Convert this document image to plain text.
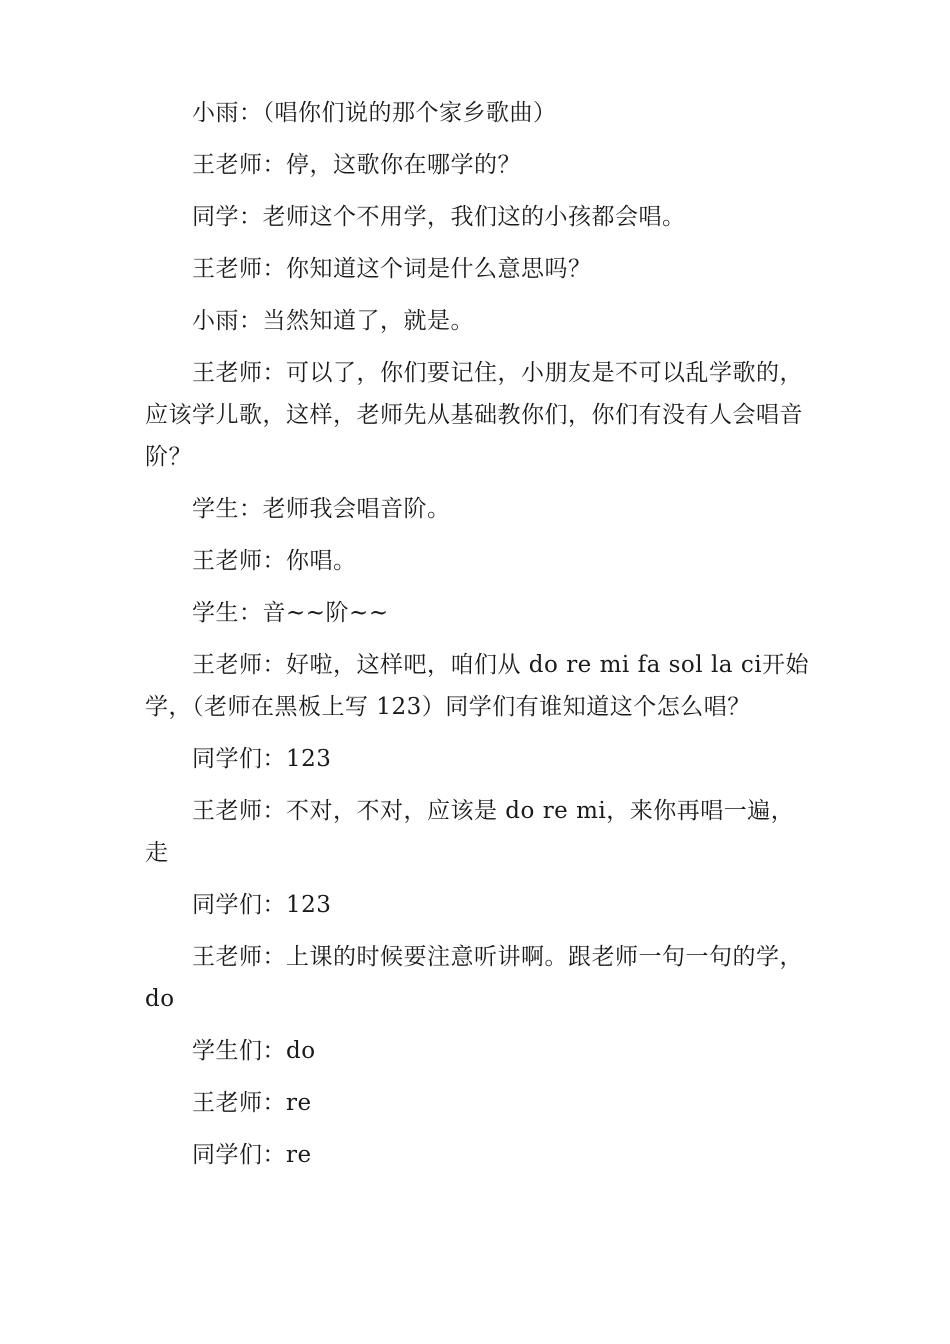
小雨：（唱你们说的那个家乡歌曲）

王老师：停，这歌你在哪学的？

同学：老师这个不用学，我们这的小孩都会唱。

王老师：你知道这个词是什么意思吗？

小雨：当然知道了，就是。

王老师：可以了，你们要记住，小朋友是不可以乱学歌的，应该学儿歌，这样，老师先从基础教你们，你们有没有人会唱音阶？

学生：老师我会唱音阶。

王老师：你唱。

学生：音~~阶~~

王老师：好啦，这样吧，咱们从 do re mi fa sol la ci开始学，（老师在黑板上写 123）同学们有谁知道这个怎么唱？

同学们：123

王老师：不对，不对，应该是 do re mi，来你再唱一遍，走

同学们：123

王老师：上课的时候要注意听讲啊。跟老师一句一句的学，do

学生们：do

王老师：re

同学们：re
